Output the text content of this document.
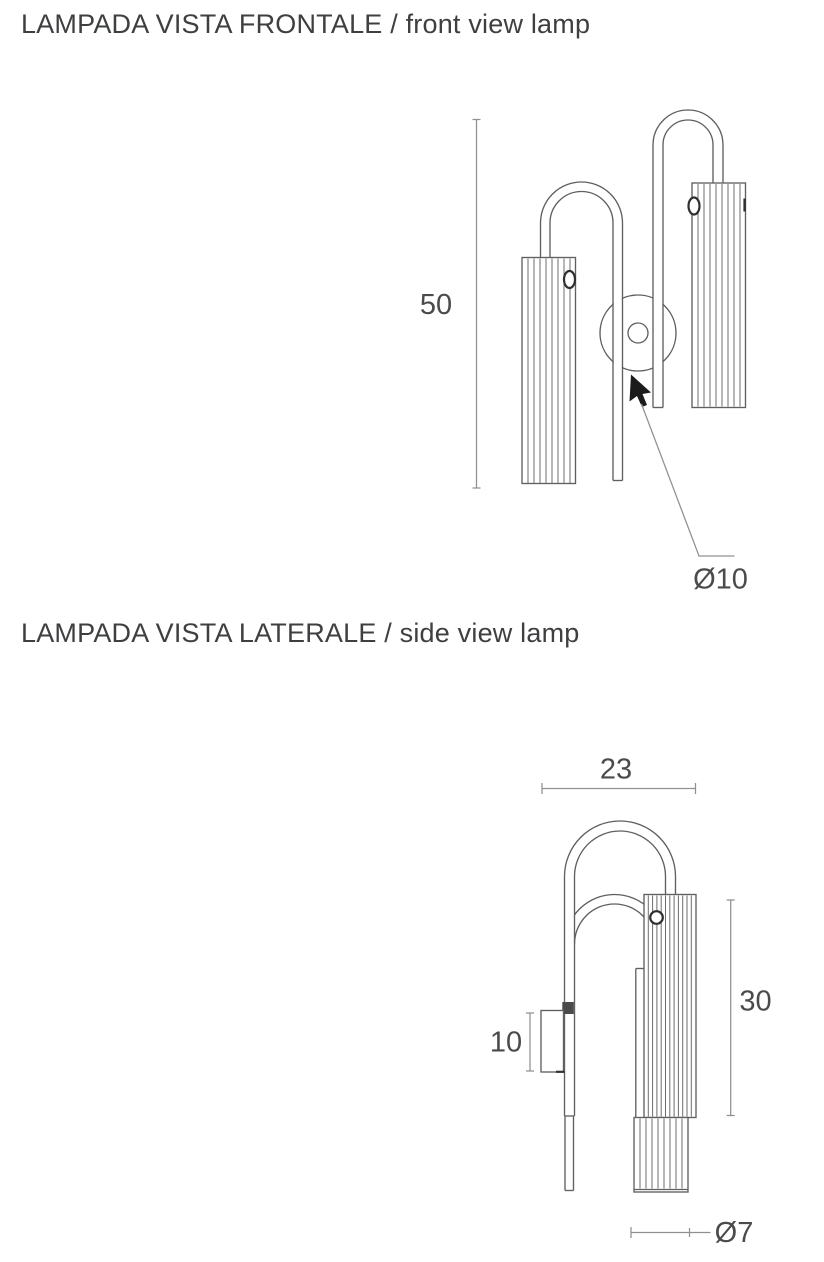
LAMPADA VISTA FRONTALE / front view lamp
LAMPADA VISTA LATERALE / side view lamp
50
Ø10
23
30
10
Ø7
